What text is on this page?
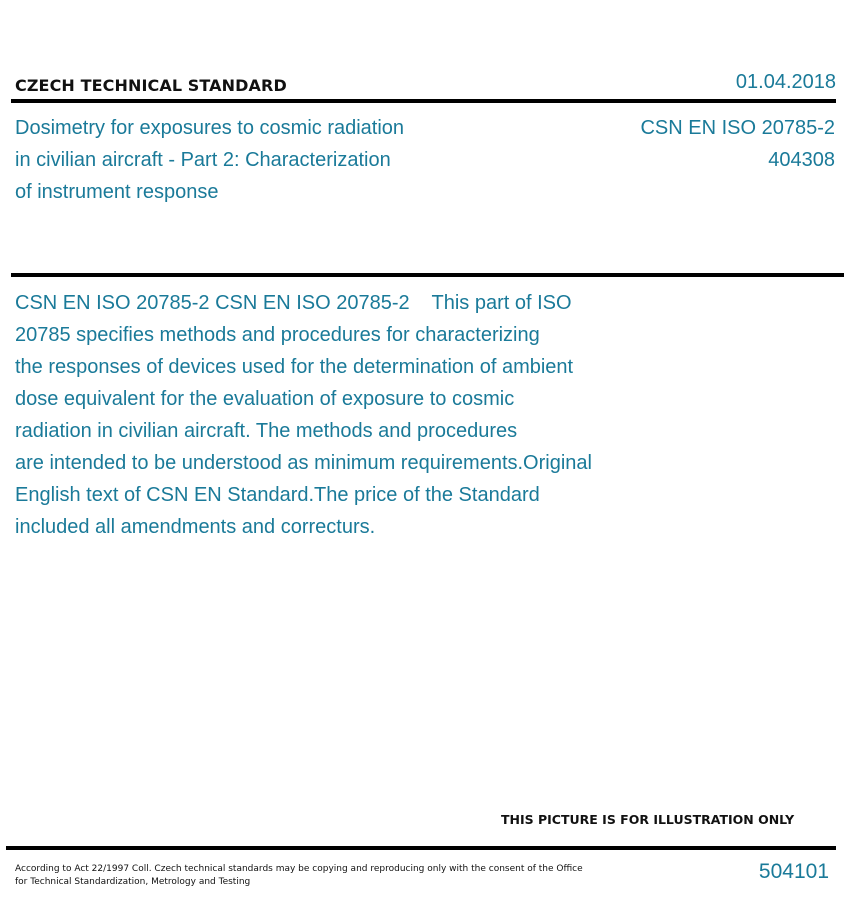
CZECH TECHNICAL STANDARD	01.04.2018
Dosimetry for exposures to cosmic radiation
in civilian aircraft - Part 2: Characterization
of instrument response
CSN EN ISO 20785-2
404308
CSN EN ISO 20785-2 CSN EN ISO 20785-2    This part of ISO
20785 specifies methods and procedures for characterizing
the responses of devices used for the determination of ambient
dose equivalent for the evaluation of exposure to cosmic
radiation in civilian aircraft. The methods and procedures
are intended to be understood as minimum requirements.Original
English text of CSN EN Standard.The price of the Standard
included all amendments and correcturs.
THIS PICTURE IS FOR ILLUSTRATION ONLY
According to Act 22/1997 Coll. Czech technical standards may be copying and reproducing only with the consent of the Office
for Technical Standardization, Metrology and Testing	504101
